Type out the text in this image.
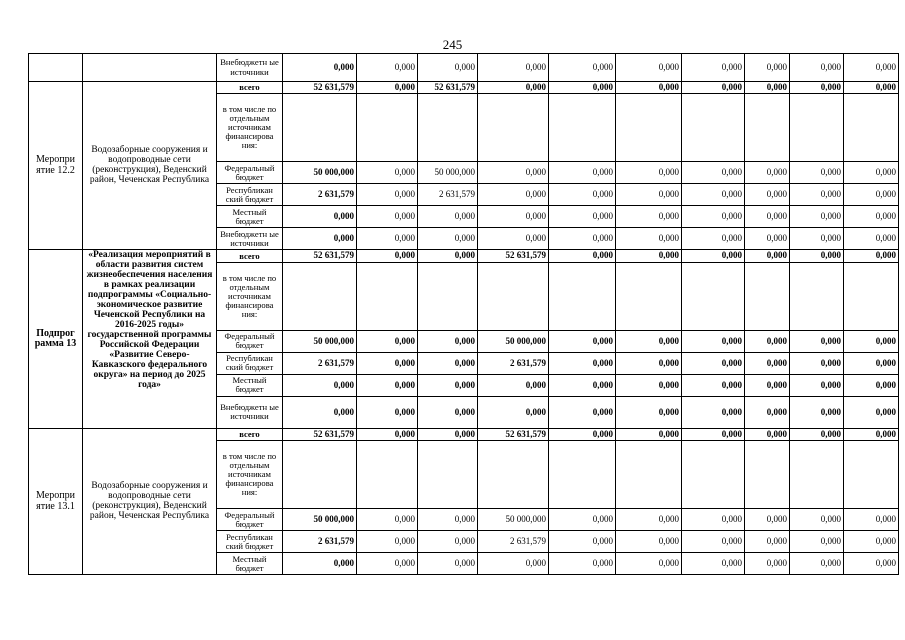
245
		Внебюджетн ые источники	0,000	0,000	0,000	0,000	0,000	0,000	0,000	0,000	0,000	0,000
Меропри ятие 12.2	Водозаборные сооружения и водопроводные сети (реконструкция), Веденский район, Чеченская Республика	всего	52 631,579	0,000	52 631,579	0,000	0,000	0,000	0,000	0,000	0,000	0,000
		в том числе по отдельным источникам финансирова ния:										
		Федеральный бюджет	50 000,000	0,000	50 000,000	0,000	0,000	0,000	0,000	0,000	0,000	0,000
		Республикан ский бюджет	2 631,579	0,000	2 631,579	0,000	0,000	0,000	0,000	0,000	0,000	0,000
		Местный бюджет	0,000	0,000	0,000	0,000	0,000	0,000	0,000	0,000	0,000	0,000
		Внебюджетн ые источники	0,000	0,000	0,000	0,000	0,000	0,000	0,000	0,000	0,000	0,000
Подпрог рамма 13	«Реализация мероприятий в области развития систем жизнеобеспечения населения в рамках реализации подпрограммы «Социально-экономическое развитие Чеченской Республики на 2016-2025 годы» государственной программы Российской Федерации «Развитие Северо-Кавказского федерального округа» на период до 2025 года»	всего	52 631,579	0,000	0,000	52 631,579	0,000	0,000	0,000	0,000	0,000	0,000
		в том числе по отдельным источникам финансирова ния:										
		Федеральный бюджет	50 000,000	0,000	0,000	50 000,000	0,000	0,000	0,000	0,000	0,000	0,000
		Республикан ский бюджет	2 631,579	0,000	0,000	2 631,579	0,000	0,000	0,000	0,000	0,000	0,000
		Местный бюджет	0,000	0,000	0,000	0,000	0,000	0,000	0,000	0,000	0,000	0,000
		Внебюджетн ые источники	0,000	0,000	0,000	0,000	0,000	0,000	0,000	0,000	0,000	0,000
Меропри ятие 13.1	Водозаборные сооружения и водопроводные сети (реконструкция), Веденский район, Чеченская Республика	всего	52 631,579	0,000	0,000	52 631,579	0,000	0,000	0,000	0,000	0,000	0,000
		в том числе по отдельным источникам финансирова ния:										
		Федеральный бюджет	50 000,000	0,000	0,000	50 000,000	0,000	0,000	0,000	0,000	0,000	0,000
		Республикан ский бюджет	2 631,579	0,000	0,000	2 631,579	0,000	0,000	0,000	0,000	0,000	0,000
		Местный бюджет	0,000	0,000	0,000	0,000	0,000	0,000	0,000	0,000	0,000	0,000
